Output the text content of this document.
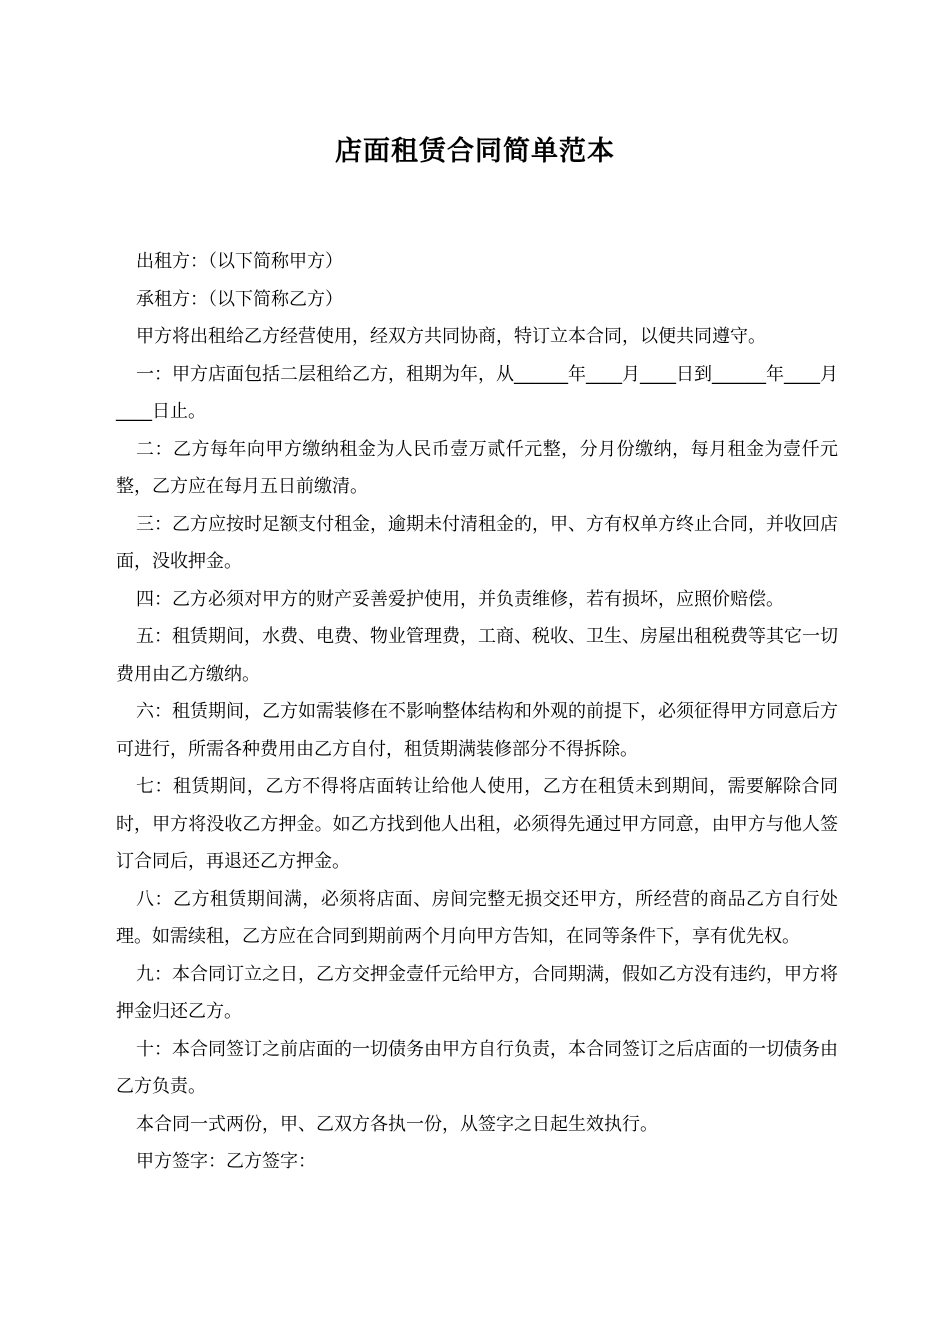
店面租赁合同简单范本

出租方：（以下简称甲方）

承租方：（以下简称乙方）

甲方将出租给乙方经营使用，经双方共同协商，特订立本合同，以便共同遵守。

一：甲方店面包括二层租给乙方，租期为年，从______年____月____日到______年____月____日止。

二：乙方每年向甲方缴纳租金为人民币壹万贰仟元整，分月份缴纳，每月租金为壹仟元整，乙方应在每月五日前缴清。

三：乙方应按时足额支付租金，逾期未付清租金的，甲、方有权单方终止合同，并收回店面，没收押金。

四：乙方必须对甲方的财产妥善爱护使用，并负责维修，若有损坏，应照价赔偿。

五：租赁期间，水费、电费、物业管理费，工商、税收、卫生、房屋出租税费等其它一切费用由乙方缴纳。

六：租赁期间，乙方如需装修在不影响整体结构和外观的前提下，必须征得甲方同意后方可进行，所需各种费用由乙方自付，租赁期满装修部分不得拆除。

七：租赁期间，乙方不得将店面转让给他人使用，乙方在租赁未到期间，需要解除合同时，甲方将没收乙方押金。如乙方找到他人出租，必须得先通过甲方同意，由甲方与他人签订合同后，再退还乙方押金。

八：乙方租赁期间满，必须将店面、房间完整无损交还甲方，所经营的商品乙方自行处理。如需续租，乙方应在合同到期前两个月向甲方告知，在同等条件下，享有优先权。

九：本合同订立之日，乙方交押金壹仟元给甲方，合同期满，假如乙方没有违约，甲方将押金归还乙方。

十：本合同签订之前店面的一切债务由甲方自行负责，本合同签订之后店面的一切债务由乙方负责。

本合同一式两份，甲、乙双方各执一份，从签字之日起生效执行。

甲方签字：乙方签字：
